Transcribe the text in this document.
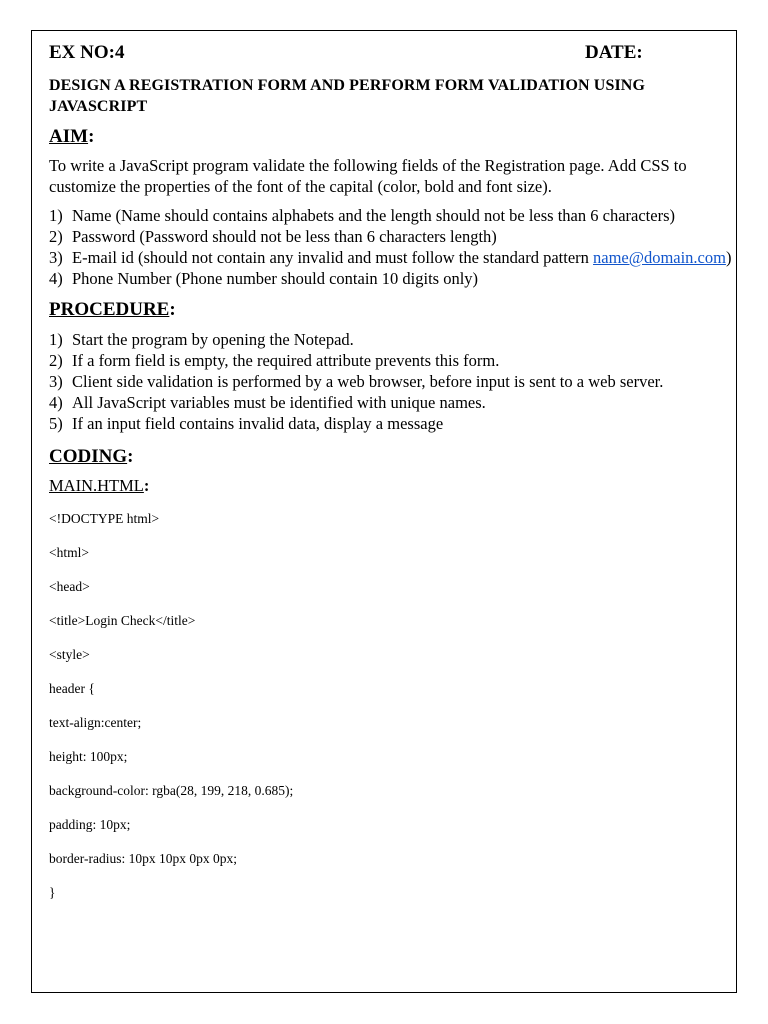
EX NO:4	DATE:
DESIGN A REGISTRATION FORM AND PERFORM FORM VALIDATION USING JAVASCRIPT
AIM:
To write a JavaScript program validate the following fields of the Registration page. Add CSS to customize the properties of the font of the capital (color, bold and font size).
1) Name (Name should contains alphabets and the length should not be less than 6 characters)
2) Password (Password should not be less than 6 characters length)
3) E-mail id (should not contain any invalid and must follow the standard pattern name@domain.com)
4) Phone Number (Phone number should contain 10 digits only)
PROCEDURE:
1) Start the program by opening the Notepad.
2) If a form field is empty, the required attribute prevents this form.
3) Client side validation is performed by a web browser, before input is sent to a web server.
4) All JavaScript variables must be identified with unique names.
5) If an input field contains invalid data, display a message
CODING:
MAIN.HTML:
<!DOCTYPE html>
<html>
<head>
<title>Login Check</title>
<style>
header {
text-align:center;
height: 100px;
background-color: rgba(28, 199, 218, 0.685);
padding: 10px;
border-radius: 10px 10px 0px 0px;
}
